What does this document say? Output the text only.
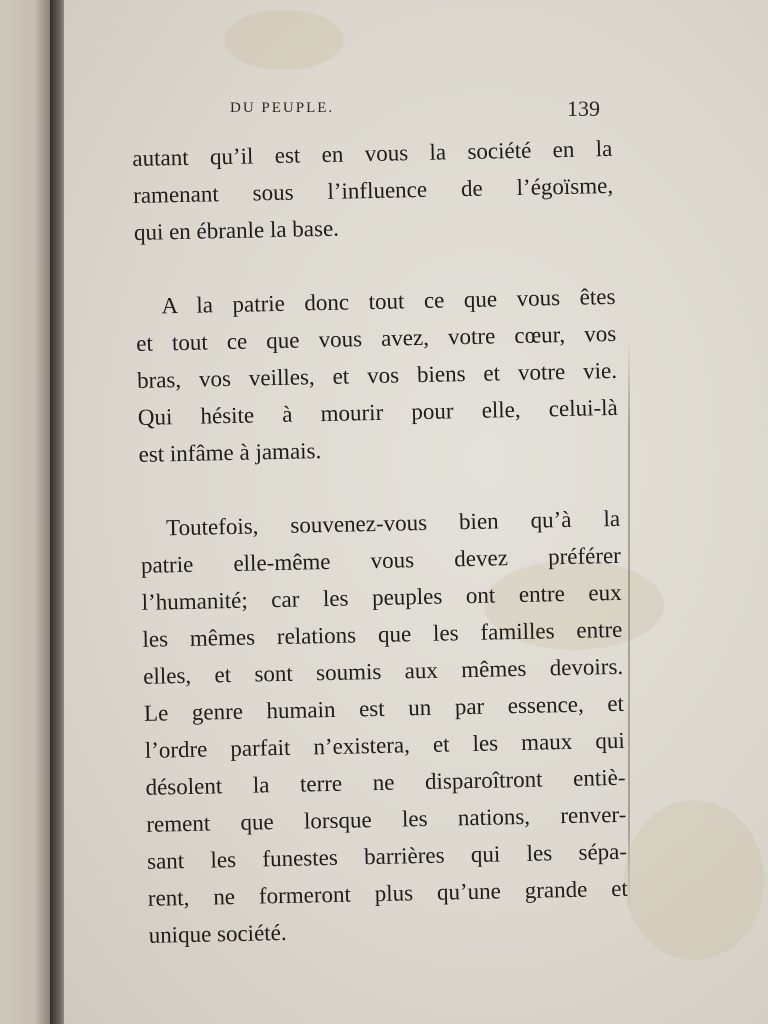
DU PEUPLE.	139

autant qu’il est en vous la société en la
ramenant sous l’influence de l’égoïsme,
qui en ébranle la base.

A la patrie donc tout ce que vous êtes
et tout ce que vous avez, votre cœur, vos
bras, vos veilles, et vos biens et votre vie.
Qui hésite à mourir pour elle, celui-là
est infâme à jamais.

Toutefois, souvenez-vous bien qu’à la
patrie elle-même vous devez préférer
l’humanité; car les peuples ont entre eux
les mêmes relations que les familles entre
elles, et sont soumis aux mêmes devoirs.
Le genre humain est un par essence, et
l’ordre parfait n’existera, et les maux qui
désolent la terre ne disparoîtront entiè-
rement que lorsque les nations, renver-
sant les funestes barrières qui les sépa-
rent, ne formeront plus qu’une grande et
unique société.
